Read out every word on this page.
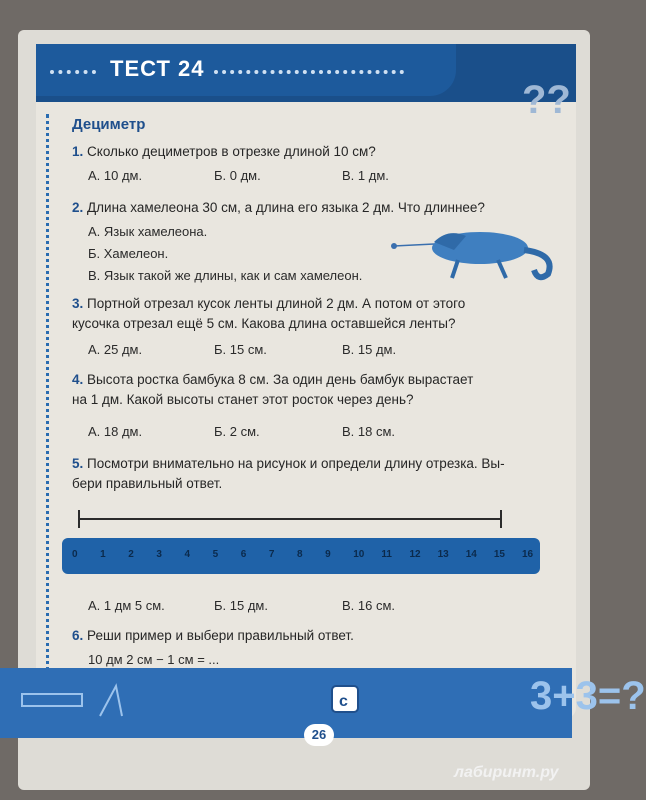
ТЕСТ 24
??
Дециметр
1. Сколько дециметров в отрезке длиной 10 см?
А. 10 дм.	Б. 0 дм.	В. 1 дм.
2. Длина хамелеона 30 см, а длина его языка 2 дм. Что длиннее?
А. Язык хамелеона.
Б. Хамелеон.
В. Язык такой же длины, как и сам хамелеон.
3. Портной отрезал кусок ленты длиной 2 дм. А потом от этого
кусочка отрезал ещё 5 см. Какова длина оставшейся ленты?
А. 25 дм.	Б. 15 см.	В. 15 дм.
4. Высота ростка бамбука 8 см. За один день бамбук вырастает
на 1 дм. Какой высоты станет этот росток через день?
А. 18 дм.	Б. 2 см.	В. 18 см.
5. Посмотри внимательно на рисунок и определи длину отрезка. Вы-
бери правильный ответ.
А. 1 дм 5 см.	Б. 15 дм.	В. 16 см.
6. Реши пример и выбери правильный ответ.
10 дм 2 см − 1 см = ...
0 1 2 3 4 5 6 7 8 9 10 11 12 13 14 15 16
3+3=?
c
26
лабиринт.ру
